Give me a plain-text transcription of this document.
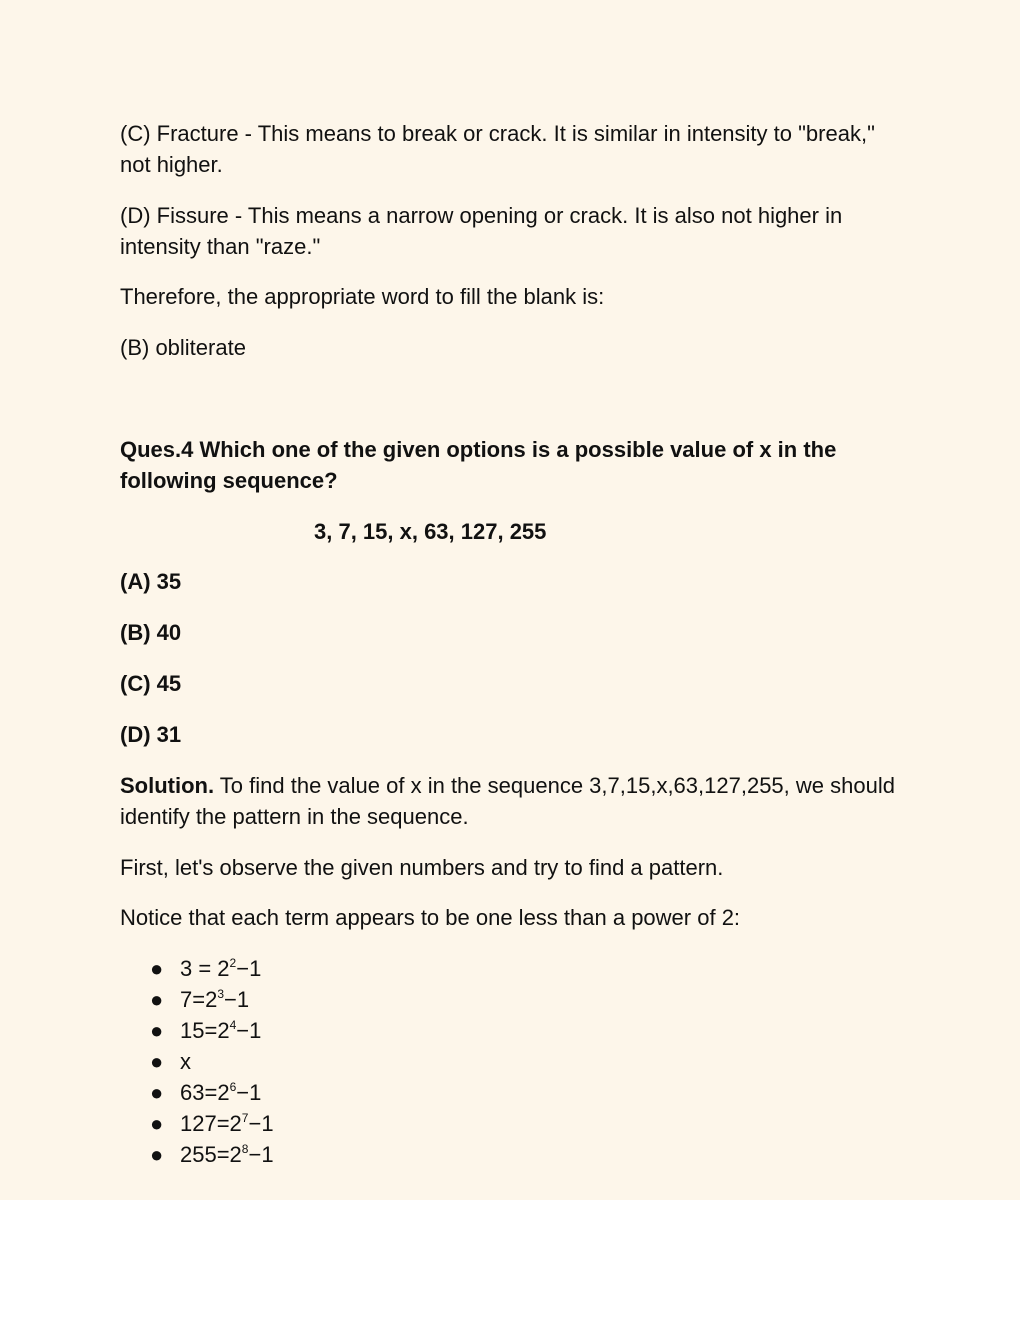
(C) Fracture - This means to break or crack. It is similar in intensity to "break," not higher.

(D) Fissure - This means a narrow opening or crack. It is also not higher in intensity than "raze."

Therefore, the appropriate word to fill the blank is:

(B) obliterate

Ques.4 Which one of the given options is a possible value of x in the following sequence?

3, 7, 15, x, 63, 127, 255

(A) 35

(B) 40

(C) 45

(D) 31

Solution. To find the value of x in the sequence 3,7,15,x,63,127,255, we should identify the pattern in the sequence.

First, let's observe the given numbers and try to find a pattern.

Notice that each term appears to be one less than a power of 2:

● $3 = 2^2-1$
● $7=2^3-1$
● $15=2^4-1$
● x
● $63=2^6-1$
● $127=2^7-1$
● $255=2^8-1$
